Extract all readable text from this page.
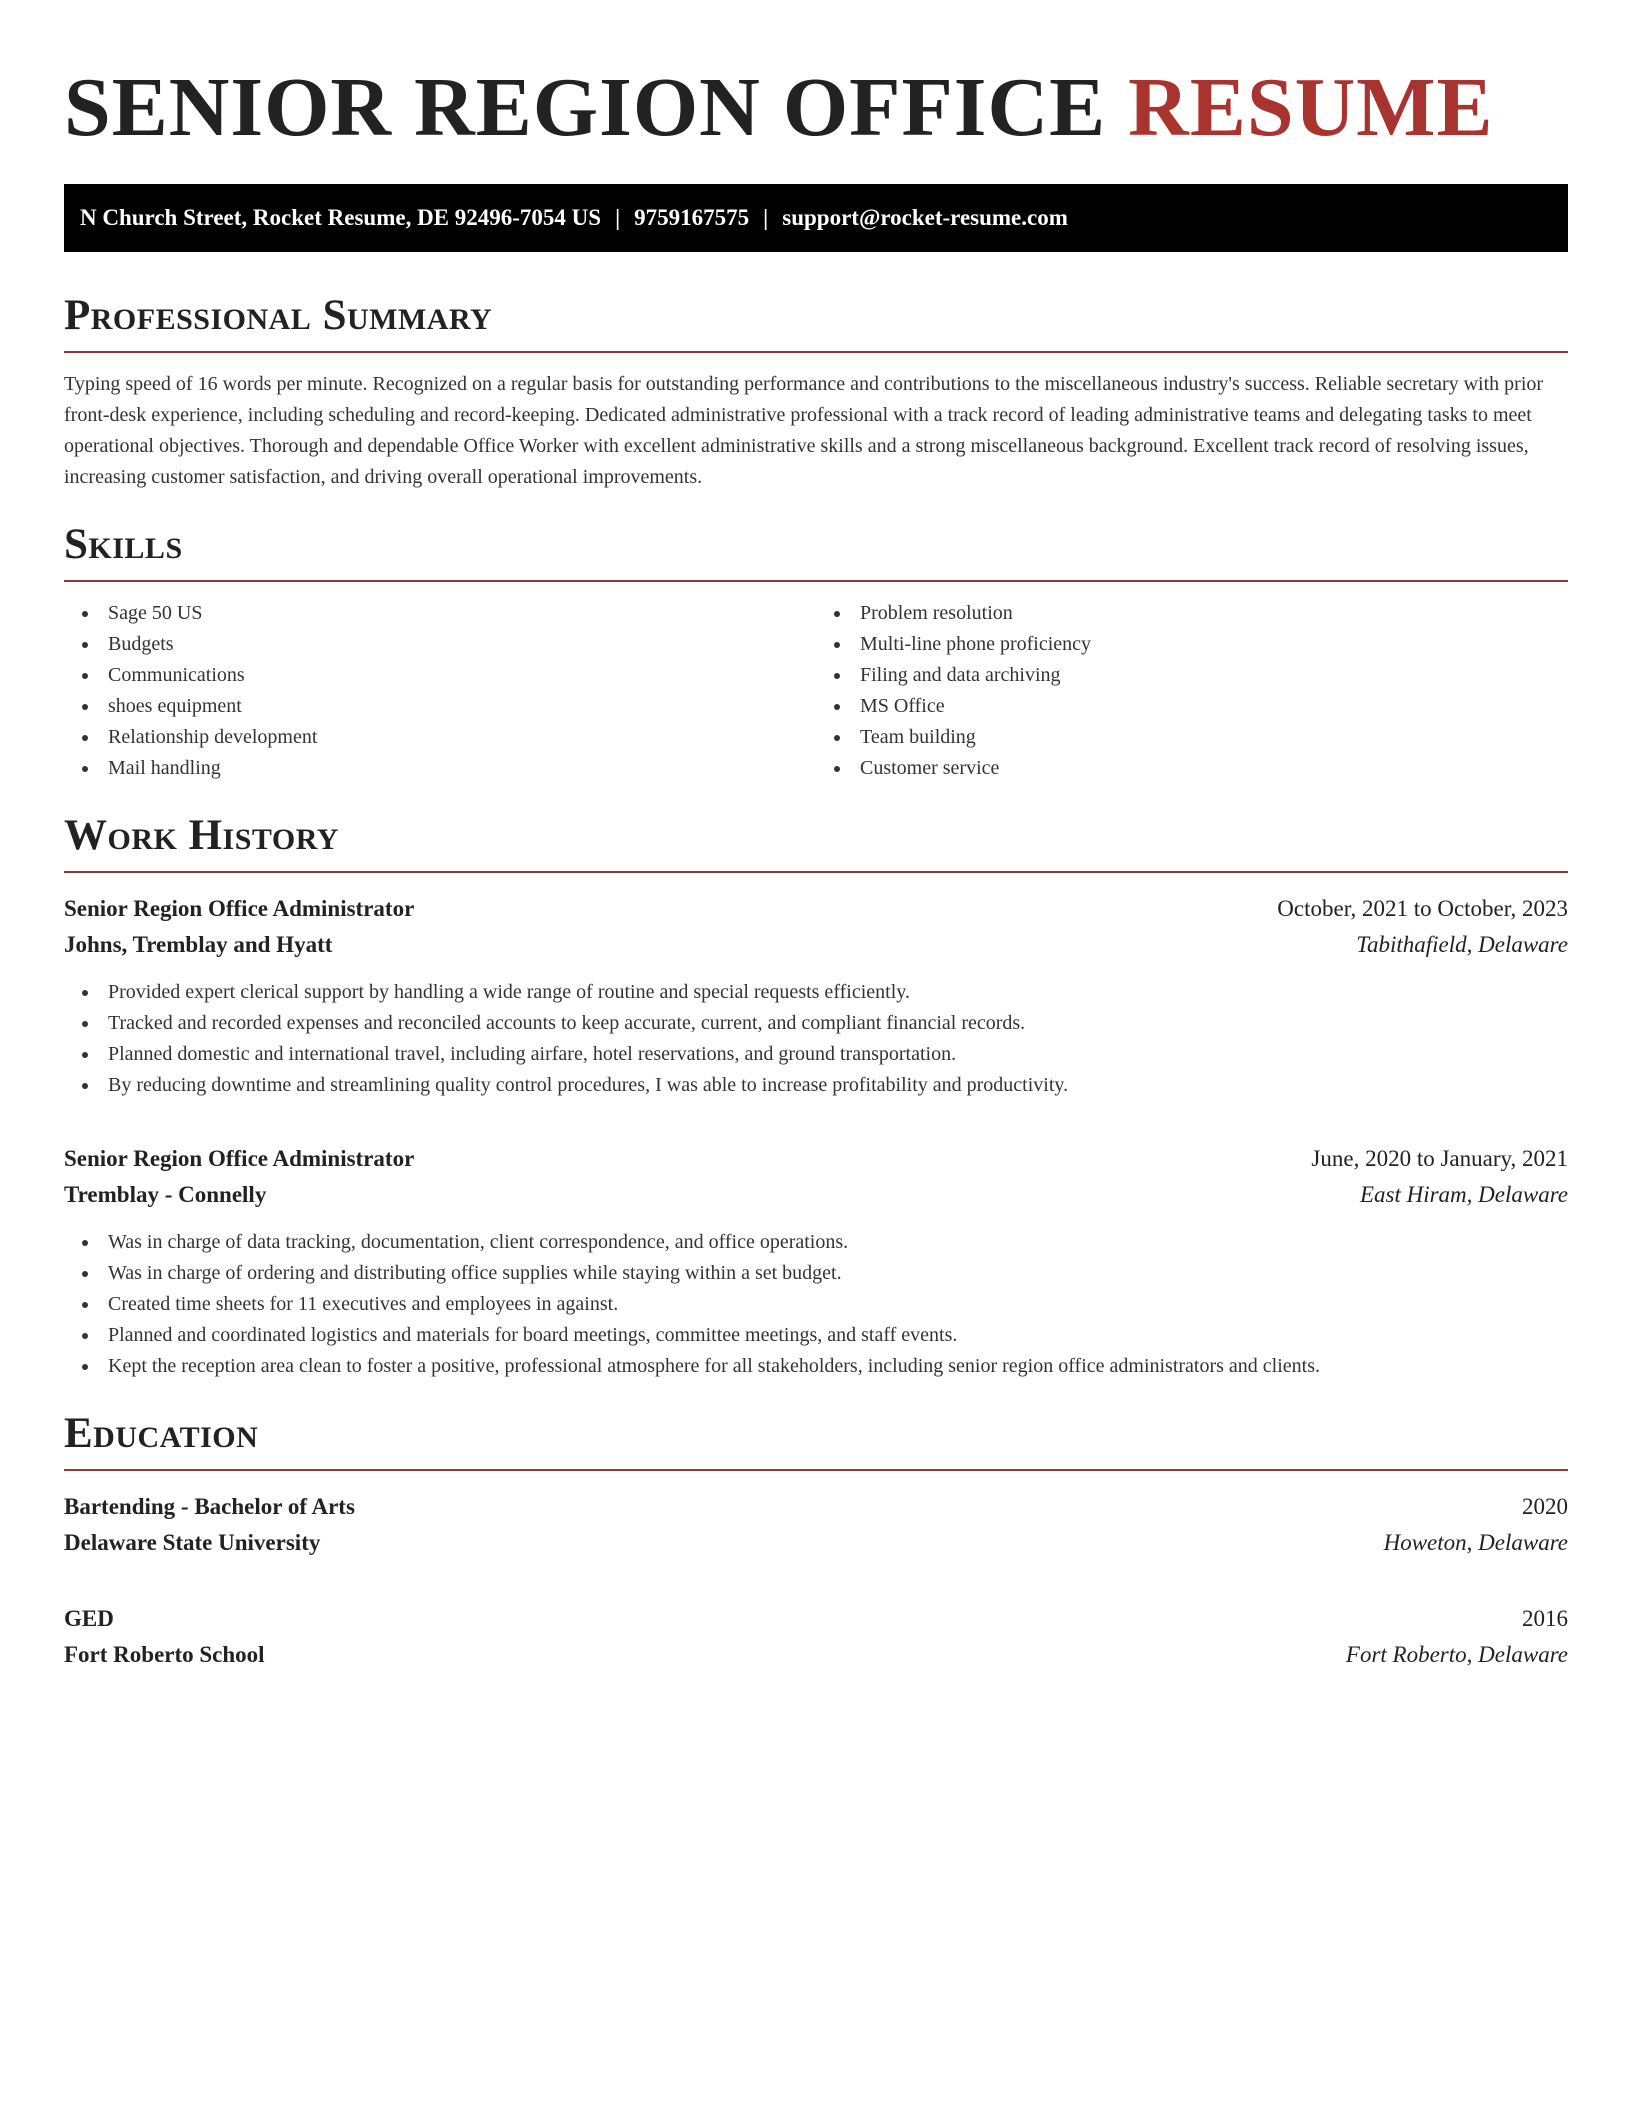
SENIOR REGION OFFICE RESUME
N Church Street, Rocket Resume, DE 92496-7054 US | 9759167575 | support@rocket-resume.com
Professional Summary

Typing speed of 16 words per minute. Recognized on a regular basis for outstanding performance and contributions to the miscellaneous industry's success. Reliable secretary with prior front-desk experience, including scheduling and record-keeping. Dedicated administrative professional with a track record of leading administrative teams and delegating tasks to meet operational objectives. Thorough and dependable Office Worker with excellent administrative skills and a strong miscellaneous background. Excellent track record of resolving issues, increasing customer satisfaction, and driving overall operational improvements.

Skills
Sage 50 US
Budgets
Communications
shoes equipment
Relationship development
Mail handling
Problem resolution
Multi-line phone proficiency
Filing and data archiving
MS Office
Team building
Customer service
Work History
Senior Region Office Administrator	October, 2021 to October, 2023
Johns, Tremblay and Hyatt	Tabithafield, Delaware
Provided expert clerical support by handling a wide range of routine and special requests efficiently.
Tracked and recorded expenses and reconciled accounts to keep accurate, current, and compliant financial records.
Planned domestic and international travel, including airfare, hotel reservations, and ground transportation.
By reducing downtime and streamlining quality control procedures, I was able to increase profitability and productivity.
Senior Region Office Administrator	June, 2020 to January, 2021
Tremblay - Connelly	East Hiram, Delaware
Was in charge of data tracking, documentation, client correspondence, and office operations.
Was in charge of ordering and distributing office supplies while staying within a set budget.
Created time sheets for 11 executives and employees in against.
Planned and coordinated logistics and materials for board meetings, committee meetings, and staff events.
Kept the reception area clean to foster a positive, professional atmosphere for all stakeholders, including senior region office administrators and clients.
Education
Bartending - Bachelor of Arts	2020
Delaware State University	Howeton, Delaware
GED	2016
Fort Roberto School	Fort Roberto, Delaware
